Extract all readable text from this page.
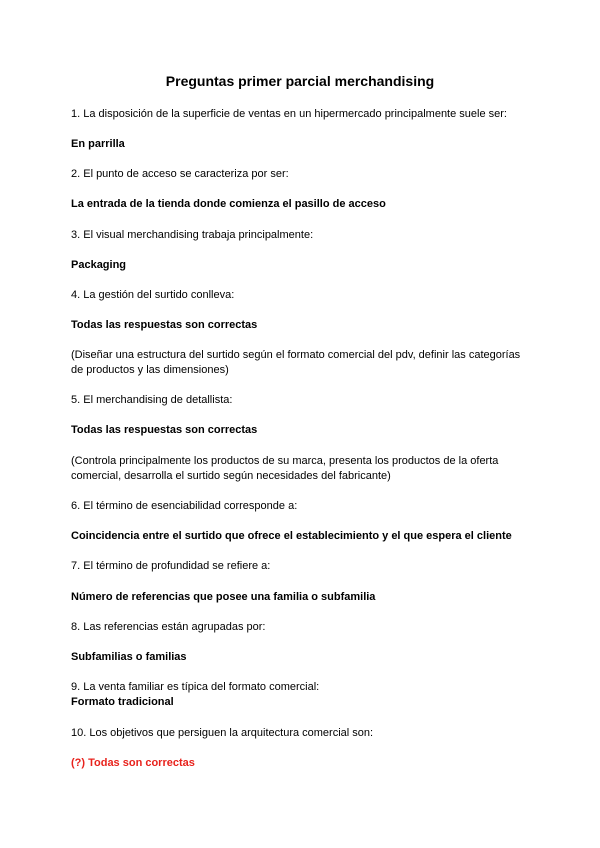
Preguntas primer parcial merchandising
1. La disposición de la superficie de ventas en un hipermercado principalmente suele ser:
En parrilla
2. El punto de acceso se caracteriza por ser:
La entrada de la tienda donde comienza el pasillo de acceso
3. El visual merchandising trabaja principalmente:
Packaging
4. La gestión del surtido conlleva:
Todas las respuestas son correctas
(Diseñar una estructura del surtido según el formato comercial del pdv, definir las categorías
de productos y las dimensiones)
5. El merchandising de detallista:
Todas las respuestas son correctas
(Controla principalmente los productos de su marca, presenta los productos de la oferta
comercial, desarrolla el surtido según necesidades del fabricante)
6. El término de esenciabilidad corresponde a:
Coincidencia entre el surtido que ofrece el establecimiento y el que espera el cliente
7. El término de profundidad se refiere a:
Número de referencias que posee una familia o subfamilia
8. Las referencias están agrupadas por:
Subfamilias o familias
9. La venta familiar es típica del formato comercial:
Formato tradicional
10. Los objetivos que persiguen la arquitectura comercial son:
(?) Todas son correctas
